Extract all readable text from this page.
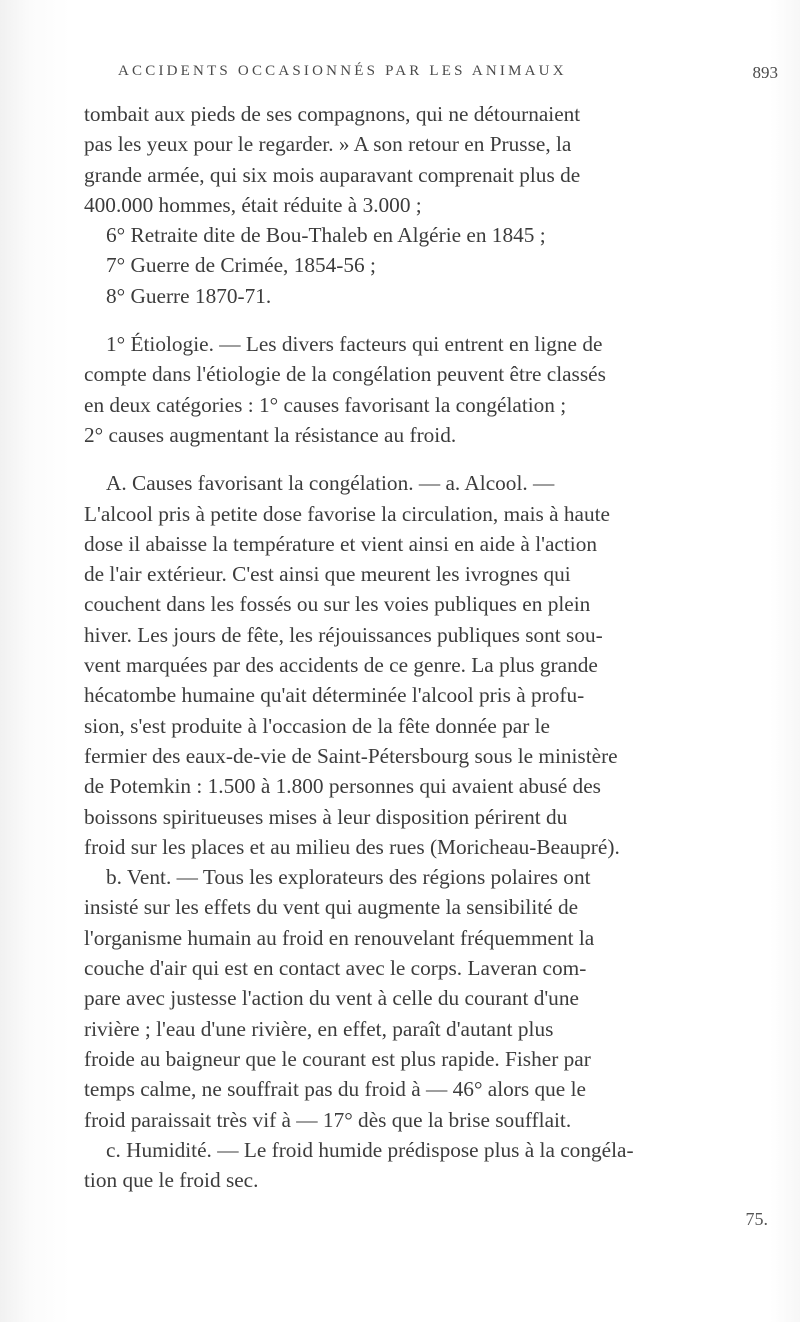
ACCIDENTS OCCASIONNÉS PAR LES ANIMAUX	893
tombait aux pieds de ses compagnons, qui ne détournaient
pas les yeux pour le regarder. » A son retour en Prusse, la
grande armée, qui six mois auparavant comprenait plus de
400.000 hommes, était réduite à 3.000 ;
6° Retraite dite de Bou-Thaleb en Algérie en 1845 ;
7° Guerre de Crimée, 1854-56 ;
8° Guerre 1870-71.
1° Étiologie. — Les divers facteurs qui entrent en ligne de
compte dans l'étiologie de la congélation peuvent être classés
en deux catégories : 1° causes favorisant la congélation ;
2° causes augmentant la résistance au froid.
A. Causes favorisant la congélation. — a. Alcool. —
L'alcool pris à petite dose favorise la circulation, mais à haute
dose il abaisse la température et vient ainsi en aide à l'action
de l'air extérieur. C'est ainsi que meurent les ivrognes qui
couchent dans les fossés ou sur les voies publiques en plein
hiver. Les jours de fête, les réjouissances publiques sont sou-
vent marquées par des accidents de ce genre. La plus grande
hécatombe humaine qu'ait déterminée l'alcool pris à profu-
sion, s'est produite à l'occasion de la fête donnée par le
fermier des eaux-de-vie de Saint-Pétersbourg sous le ministère
de Potemkin : 1.500 à 1.800 personnes qui avaient abusé des
boissons spiritueuses mises à leur disposition périrent du
froid sur les places et au milieu des rues (Moricheau-Beaupré).
b. Vent. — Tous les explorateurs des régions polaires ont
insisté sur les effets du vent qui augmente la sensibilité de
l'organisme humain au froid en renouvelant fréquemment la
couche d'air qui est en contact avec le corps. Laveran com-
pare avec justesse l'action du vent à celle du courant d'une
rivière ; l'eau d'une rivière, en effet, paraît d'autant plus
froide au baigneur que le courant est plus rapide. Fisher par
temps calme, ne souffrait pas du froid à — 46° alors que le
froid paraissait très vif à — 17° dès que la brise soufflait.
c. Humidité. — Le froid humide prédispose plus à la congéla-
tion que le froid sec.
75.
